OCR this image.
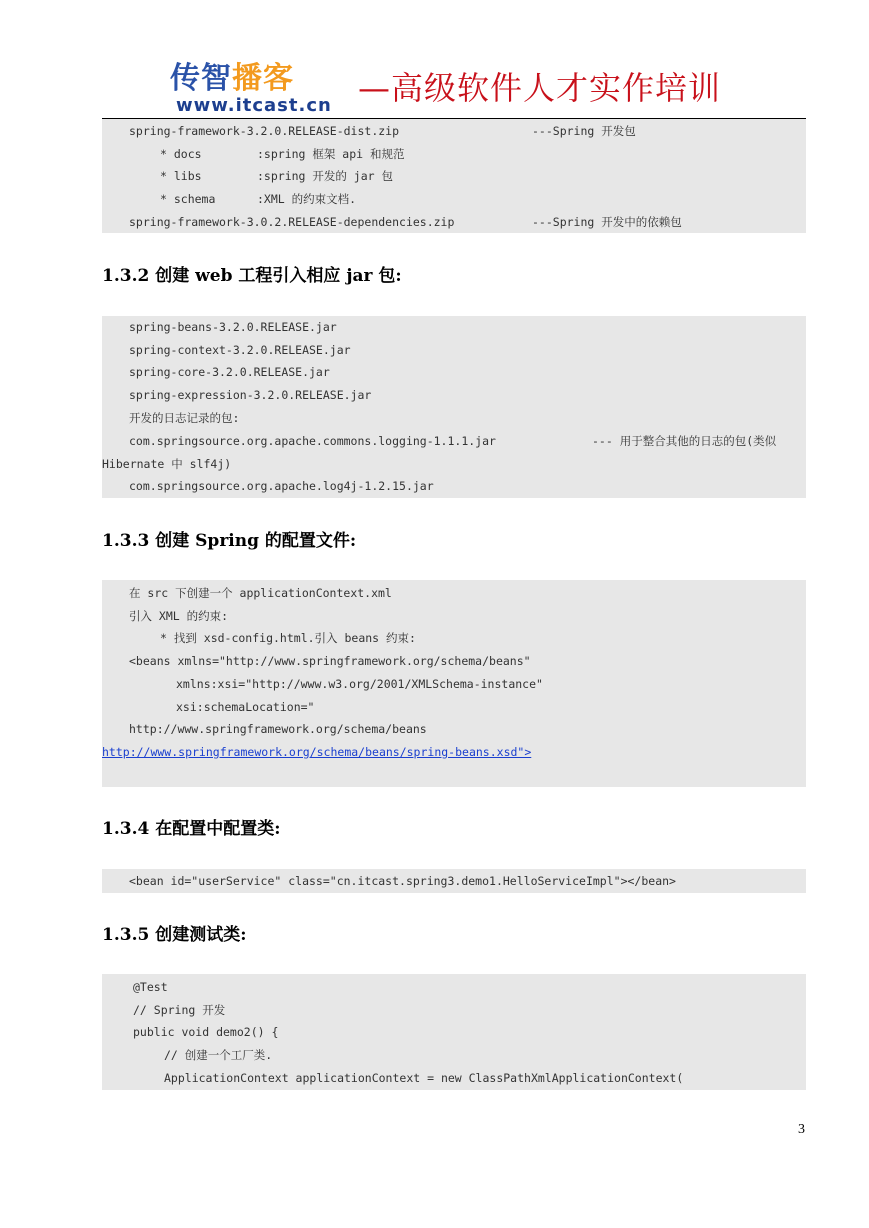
传智播客
www.itcast.cn —高级软件人才实作培训
spring-framework-3.2.0.RELEASE-dist.zip	---Spring 开发包
* docs	:spring 框架 api 和规范
* libs	:spring 开发的 jar 包
* schema	:XML 的约束文档.
spring-framework-3.0.2.RELEASE-dependencies.zip	---Spring 开发中的依赖包
1.3.2 创建 web 工程引入相应 jar 包:
spring-beans-3.2.0.RELEASE.jar
spring-context-3.2.0.RELEASE.jar
spring-core-3.2.0.RELEASE.jar
spring-expression-3.2.0.RELEASE.jar
开发的日志记录的包:
com.springsource.org.apache.commons.logging-1.1.1.jar	--- 用于整合其他的日志的包(类似
Hibernate 中 slf4j)
com.springsource.org.apache.log4j-1.2.15.jar
1.3.3 创建 Spring 的配置文件:
在 src 下创建一个 applicationContext.xml
引入 XML 的约束:
* 找到 xsd-config.html.引入 beans 约束:
<beans xmlns="http://www.springframework.org/schema/beans"
xmlns:xsi="http://www.w3.org/2001/XMLSchema-instance"
xsi:schemaLocation="
http://www.springframework.org/schema/beans
http://www.springframework.org/schema/beans/spring-beans.xsd">
1.3.4 在配置中配置类:
<bean id="userService" class="cn.itcast.spring3.demo1.HelloServiceImpl"></bean>
1.3.5 创建测试类:
@Test
// Spring 开发
public void demo2() {
// 创建一个工厂类.
ApplicationContext applicationContext = new ClassPathXmlApplicationContext(
3
